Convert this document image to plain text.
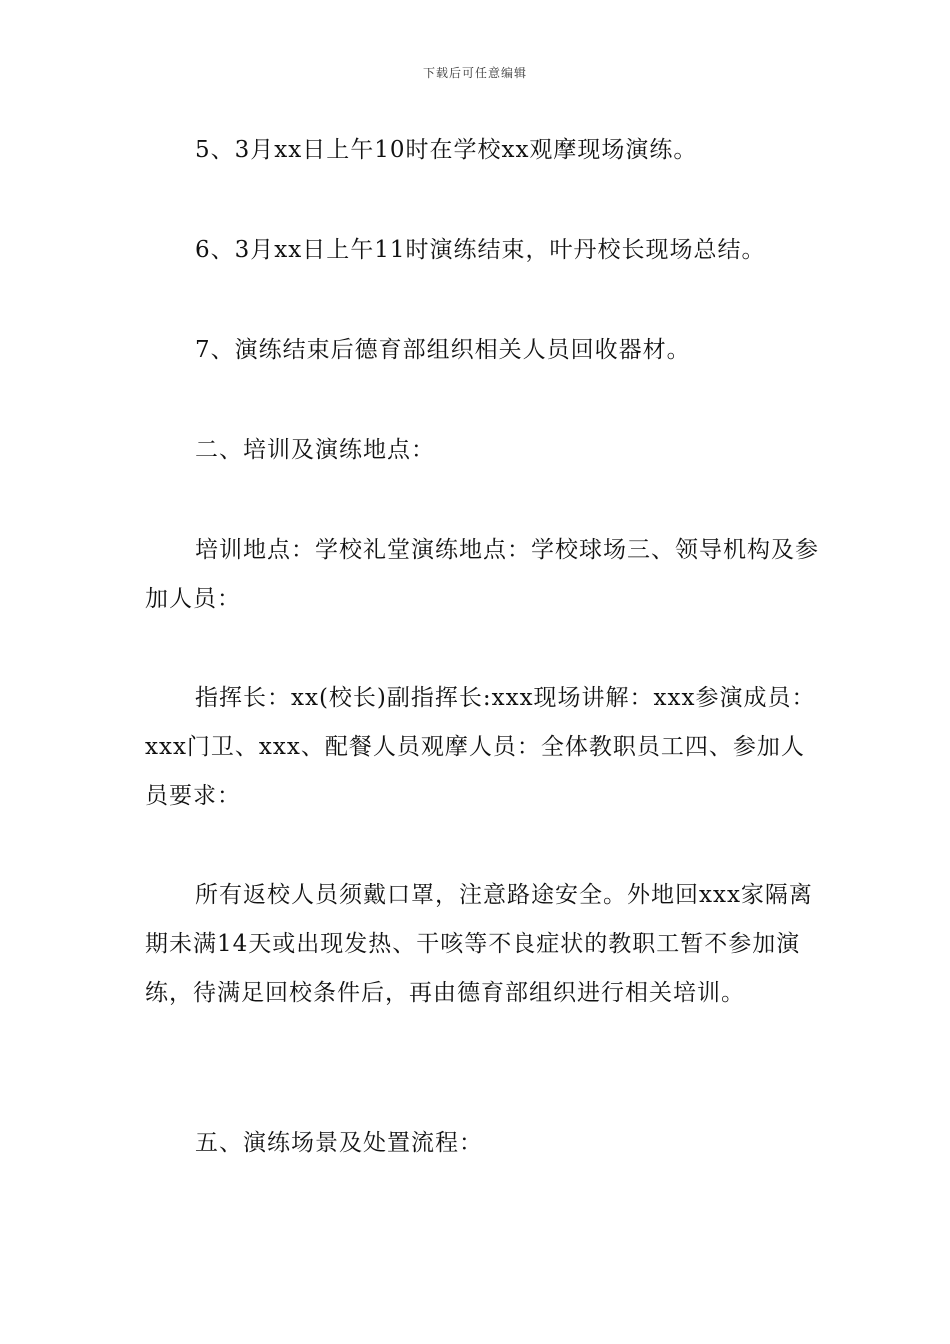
下载后可任意编辑

5、3月xx日上午10时在学校xx观摩现场演练。

6、3月xx日上午11时演练结束，叶丹校长现场总结。

7、演练结束后德育部组织相关人员回收器材。

二、培训及演练地点：

培训地点：学校礼堂演练地点：学校球场三、领导机构及参加人员：

指挥长：xx(校长)副指挥长:xxx现场讲解：xxx参演成员：xxx门卫、xxx、配餐人员观摩人员：全体教职员工四、参加人员要求：

所有返校人员须戴口罩，注意路途安全。外地回xxx家隔离期未满14天或出现发热、干咳等不良症状的教职工暂不参加演练，待满足回校条件后，再由德育部组织进行相关培训。

五、演练场景及处置流程：
